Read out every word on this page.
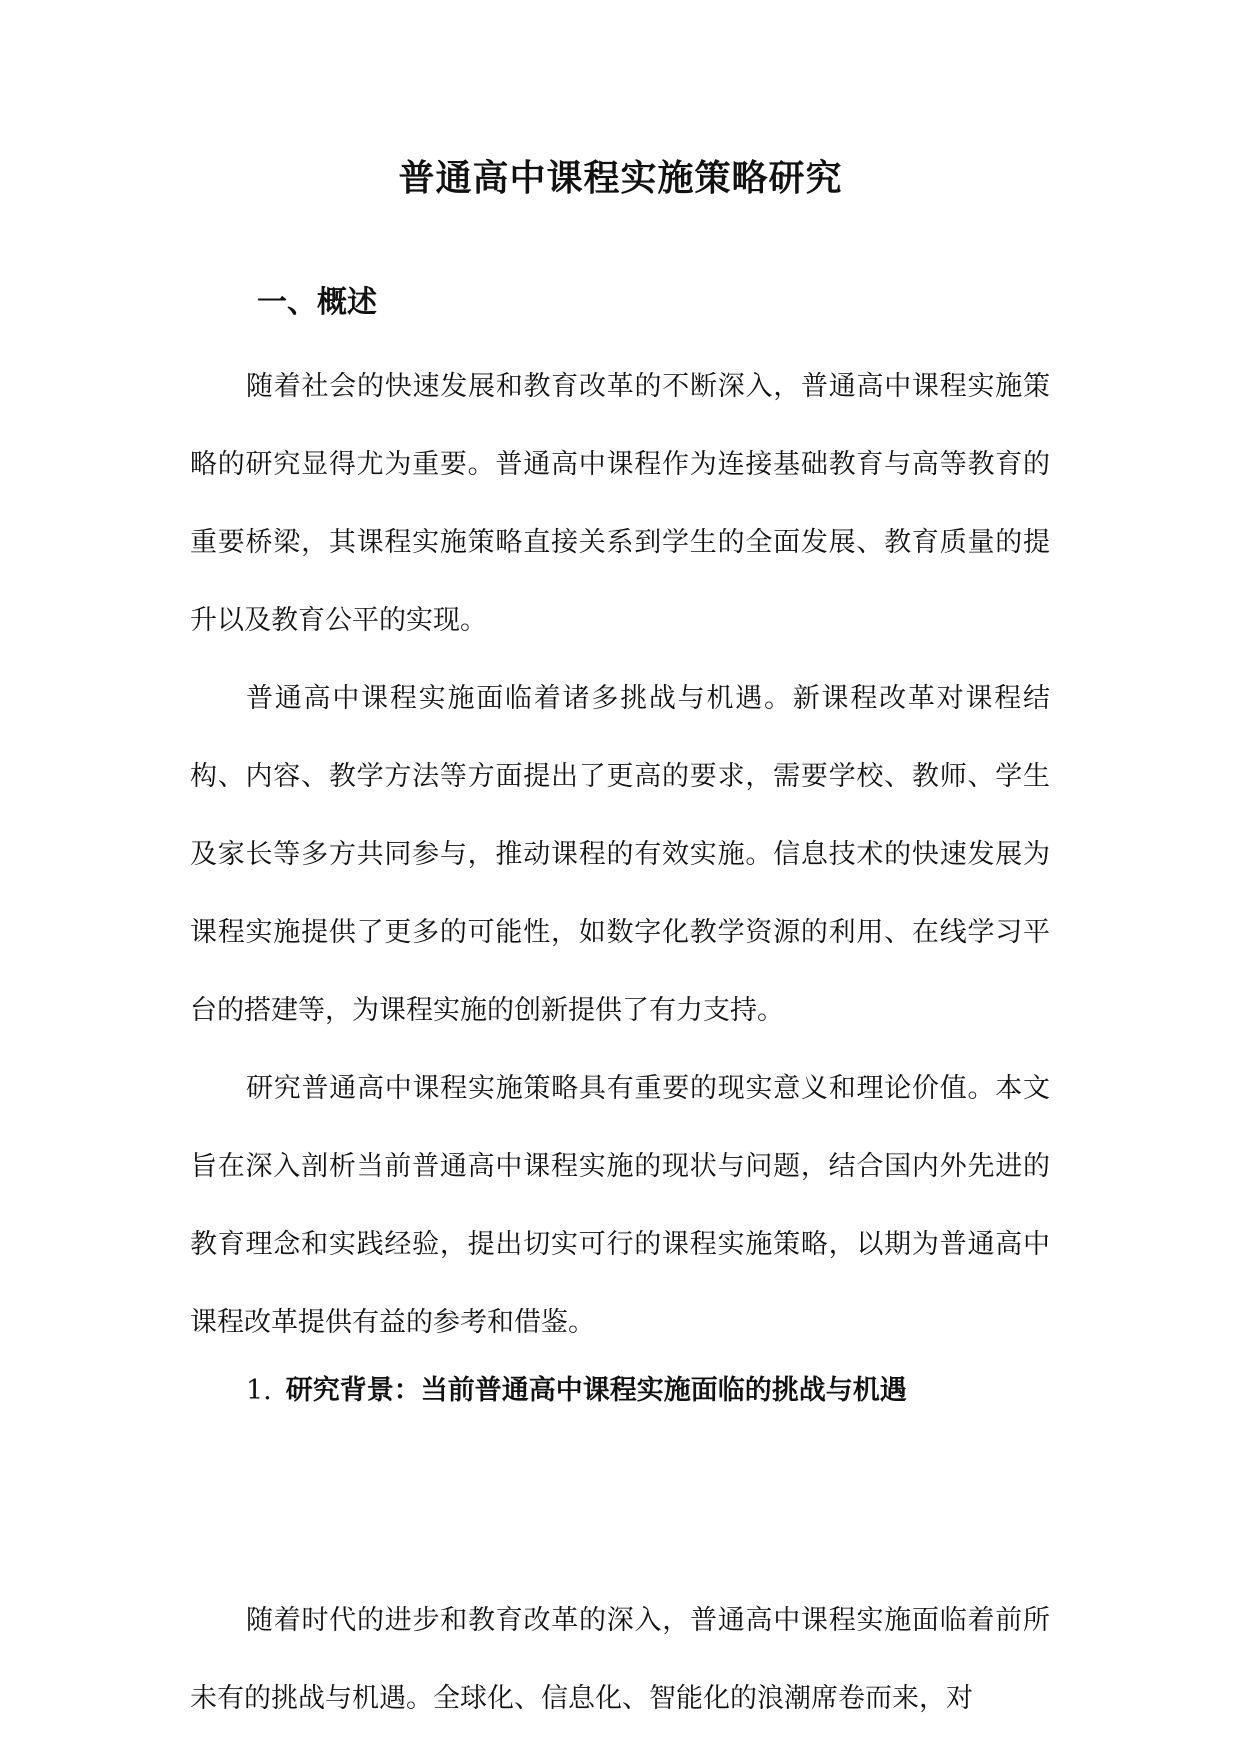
普通高中课程实施策略研究
一、概述

随着社会的快速发展和教育改革的不断深入，普通高中课程实施策略的研究显得尤为重要。普通高中课程作为连接基础教育与高等教育的重要桥梁，其课程实施策略直接关系到学生的全面发展、教育质量的提升以及教育公平的实现。

普通高中课程实施面临着诸多挑战与机遇。新课程改革对课程结构、内容、教学方法等方面提出了更高的要求，需要学校、教师、学生及家长等多方共同参与，推动课程的有效实施。信息技术的快速发展为课程实施提供了更多的可能性，如数字化教学资源的利用、在线学习平台的搭建等，为课程实施的创新提供了有力支持。

研究普通高中课程实施策略具有重要的现实意义和理论价值。本文旨在深入剖析当前普通高中课程实施的现状与问题，结合国内外先进的教育理念和实践经验，提出切实可行的课程实施策略，以期为普通高中课程改革提供有益的参考和借鉴。

1. 研究背景：当前普通高中课程实施面临的挑战与机遇

随着时代的进步和教育改革的深入，普通高中课程实施面临着前所未有的挑战与机遇。全球化、信息化、智能化的浪潮席卷而来，对
